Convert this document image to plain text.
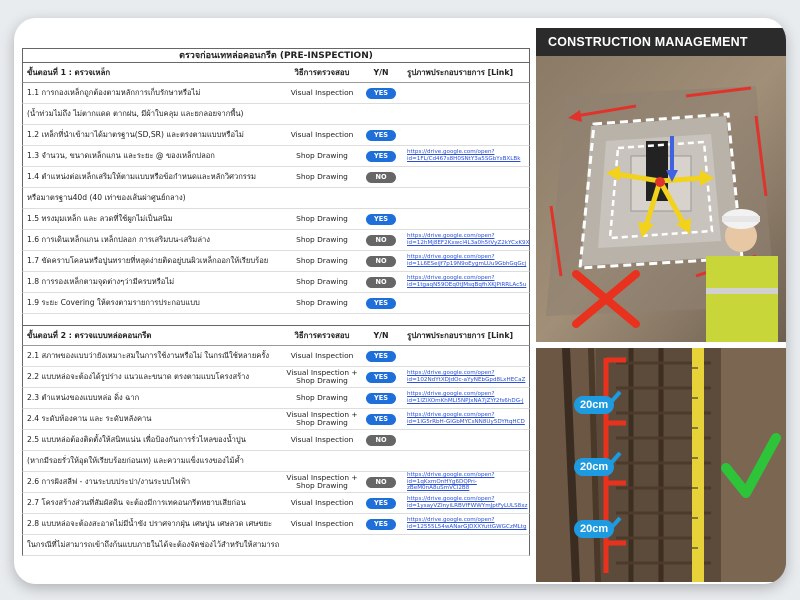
ตรวจก่อนเทหล่อคอนกรีต (PRE-INSPECTION)
ขั้นตอนที่ 1 : ตรวจเหล็ก	วิธีการตรวจสอบ	Y/N	รูปภาพประกอบรายการ [Link]
1.1 การกองเหล็กถูกต้องตามหลักการเก็บรักษาหรือไม่	Visual Inspection	YES
(น้ำท่วมไม่ถึง ไม่ตากแดด ตากฝน, มีผ้าใบคลุม และยกลอยจากพื้น)
1.2 เหล็กที่นำเข้ามาได้มาตรฐาน(SD,SR) และตรงตามแบบหรือไม่	Visual Inspection	YES
1.3 จำนวน, ขนาดเหล็กแกน และระยะ @ ของเหล็กปลอก	Shop Drawing	YES	https://drive.google.com/open?id=1FL/Cd467s8H0SNtY3a5SGbYsBXLBk
1.4 ตำแหน่งต่อเหล็กเสริมให้ตามแบบหรือข้อกำหนดและหลักวิศวกรรม	Shop Drawing	NO
หรือมาตรฐาน40d (40 เท่าของเส้นผ่าศูนย์กลาง)
1.5 ทรงมุมเหล็ก และ ลวดที่ใช้ผูกไม่เป็นสนิม	Shop Drawing	YES
1.6 การเดินเหล็กแกน เหล็กปลอก การเสริมบน-เสริมล่าง	Shop Drawing	NO	https://drive.google.com/open?id=12hMj8EF2Kxwcl4L3a0h5tVyZ2kYCxK9X
1.7 ขัดคราบโคลนหรือปูนทรายที่หลุดง่ายติดอยู่บนผิวเหล็กออกให้เรียบร้อย	Shop Drawing	NO	https://drive.google.com/open?id=1L6ESeiJf7p19N9oEygmLUu9GbhGqGcj
1.8 การรองเหล็กตามจุดต่างๆว่ามีครบหรือไม่	Shop Drawing	NO	https://drive.google.com/open?id=1tgaqN59OEq0tJMsqBqfhXKJPiRRLAc5u
1.9 ระยะ Covering ให้ตรงตามรายการประกอบแบบ	Shop Drawing	YES
ขั้นตอนที่ 2 : ตรวจแบบหล่อคอนกรีต	วิธีการตรวจสอบ	Y/N	รูปภาพประกอบรายการ [Link]
2.1 สภาพของแบบว่ายังเหมาะสมในการใช้งานหรือไม่ ในกรณีใช้หลายครั้ง	Visual Inspection	YES
2.2 แบบหล่อจะต้องได้รูปร่าง แนวและขนาด ตรงตามแบบโครงสร้าง	Visual Inspection + Shop Drawing	YES	https://drive.google.com/open?id=102NdYtXDJdOc-aYyNEbGpd8LxHECaZ
2.3 ตำแหน่งของแบบหล่อ ดิ่ง ฉาก	Shop Drawing	YES	https://drive.google.com/open?id=1lZlXOmKhMLI5NPJxNA7jZYf2fs6hDG-j
2.4 ระดับท้องคาน และ ระดับหลังคาน	Visual Inspection + Shop Drawing	YES	https://drive.google.com/open?id=1lG5rRbH-GlGbMYCsNN8Uy5DYftqHCD
2.5 แบบหล่อต้องติดตั้งให้สนิทแน่น เพื่อป้องกันการรั่วไหลของน้ำปูน	Visual Inspection	NO
(หากมีรอยรั่วให้อุดให้เรียบร้อยก่อนเท) และความแข็งแรงของไม้ค้ำ
2.6 การฝังสลีฟ - งานระบบประปา/งานระบบไฟฟ้า	Visual Inspection + Shop Drawing	NO
https://drive.google.com/open?id=1qKxmOnHYg6DQPri-zBeM0nA8uSmVCl2B8
2.7 โครงสร้างส่วนที่สัมผัสดิน จะต้องมีการเทคอนกรีตหยาบเสียก่อน	Visual Inspection	YES	https://drive.google.com/open?id=1ysayVZInyiLRBVfFWWYmJptFyLULS8xz
2.8 แบบหล่อจะต้องสะอาดไม่มีน้ำขัง ปราศจากฝุ่น เศษปูน เศษลวด เศษขยะ	Visual Inspection	YES	https://drive.google.com/open?id=12555L54wANarGJDXXYuttGWGCzMLtg
ในกรณีที่ไม่สามารถเข้าถึงก้นแบบภายในได้จะต้องจัดช่องไว้สำหรับให้สามารถ
CONSTRUCTION MANAGEMENT
20cm
20cm
20cm
